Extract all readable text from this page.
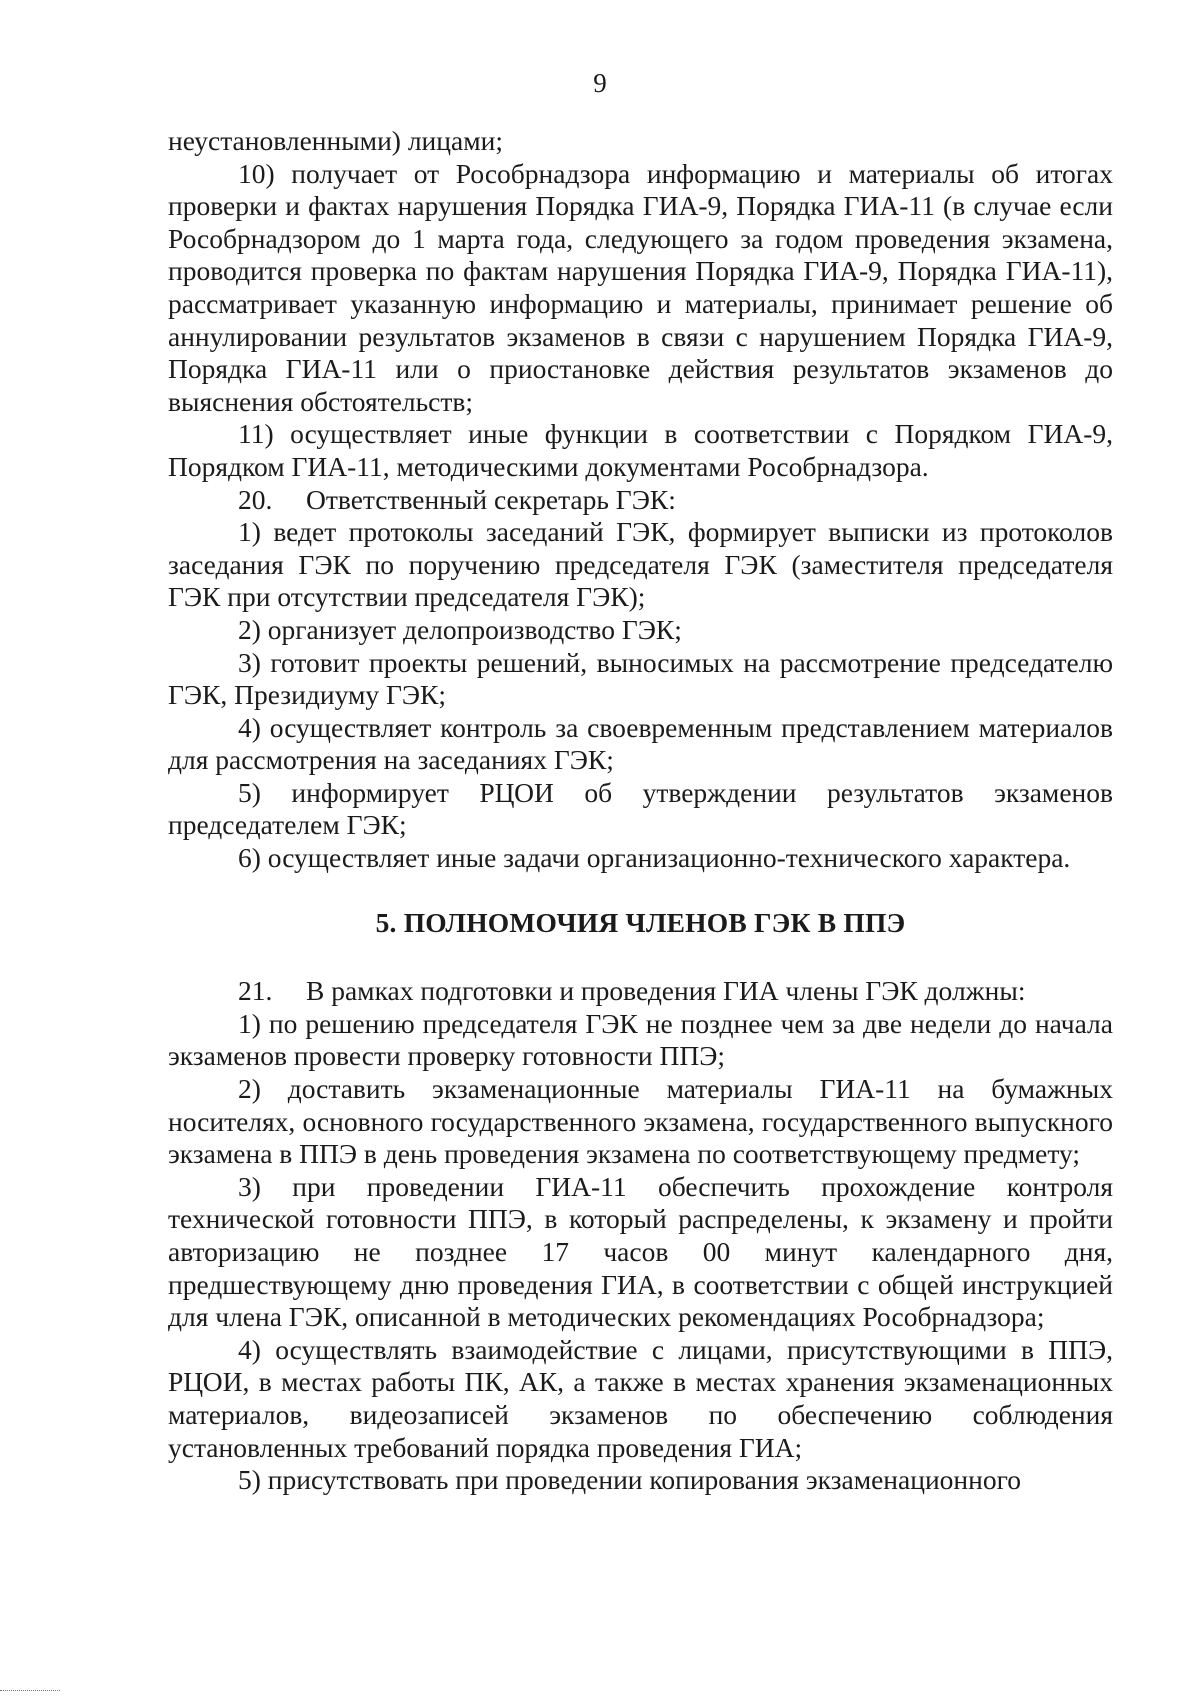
9

неустановленными) лицами;

10) получает от Рособрнадзора информацию и материалы об итогах проверки и фактах нарушения Порядка ГИА-9, Порядка ГИА-11 (в случае если Рособрнадзором до 1 марта года, следующего за годом проведения экзамена, проводится проверка по фактам нарушения Порядка ГИА-9, Порядка ГИА-11), рассматривает указанную информацию и материалы, принимает решение об аннулировании результатов экзаменов в связи с нарушением Порядка ГИА-9, Порядка ГИА-11 или о приостановке действия результатов экзаменов до выяснения обстоятельств;

11) осуществляет иные функции в соответствии с Порядком ГИА-9, Порядком ГИА-11, методическими документами Рособрнадзора.

20. Ответственный секретарь ГЭК:

1) ведет протоколы заседаний ГЭК, формирует выписки из протоколов заседания ГЭК по поручению председателя ГЭК (заместителя председателя ГЭК при отсутствии председателя ГЭК);

2) организует делопроизводство ГЭК;

3) готовит проекты решений, выносимых на рассмотрение председателю ГЭК, Президиуму ГЭК;

4) осуществляет контроль за своевременным представлением материалов для рассмотрения на заседаниях ГЭК;

5) информирует РЦОИ об утверждении результатов экзаменов председателем ГЭК;

6) осуществляет иные задачи организационно-технического характера.

5. ПОЛНОМОЧИЯ ЧЛЕНОВ ГЭК В ППЭ

21. В рамках подготовки и проведения ГИА члены ГЭК должны:

1) по решению председателя ГЭК не позднее чем за две недели до начала экзаменов провести проверку готовности ППЭ;

2) доставить экзаменационные материалы ГИА-11 на бумажных носителях, основного государственного экзамена, государственного выпускного экзамена в ППЭ в день проведения экзамена по соответствующему предмету;

3) при проведении ГИА-11 обеспечить прохождение контроля технической готовности ППЭ, в который распределены, к экзамену и пройти авторизацию не позднее 17 часов 00 минут календарного дня, предшествующему дню проведения ГИА, в соответствии с общей инструкцией для члена ГЭК, описанной в методических рекомендациях Рособрнадзора;

4) осуществлять взаимодействие с лицами, присутствующими в ППЭ, РЦОИ, в местах работы ПК, АК, а также в местах хранения экзаменационных материалов, видеозаписей экзаменов по обеспечению соблюдения установленных требований порядка проведения ГИА;

5) присутствовать при проведении копирования экзаменационного
